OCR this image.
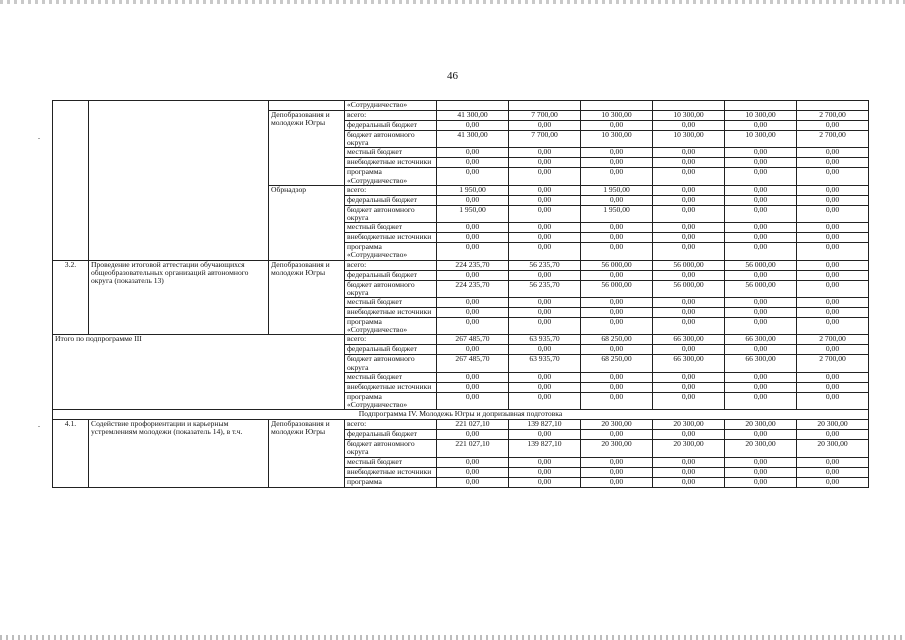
46
.
.
			«Сотрудничество»						
		Депобразования и молодежи Югры	всего:	41 300,00	7 700,00	10 300,00	10 300,00	10 300,00	2 700,00
			федеральный бюджет	0,00	0,00	0,00	0,00	0,00	0,00
			бюджет автономного округа	41 300,00	7 700,00	10 300,00	10 300,00	10 300,00	2 700,00
			местный бюджет	0,00	0,00	0,00	0,00	0,00	0,00
			внебюджетные источники	0,00	0,00	0,00	0,00	0,00	0,00
			программа «Сотрудничество»	0,00	0,00	0,00	0,00	0,00	0,00
		Обрнадзор	всего:	1 950,00	0,00	1 950,00	0,00	0,00	0,00
			федеральный бюджет	0,00	0,00	0,00	0,00	0,00	0,00
			бюджет автономного округа	1 950,00	0,00	1 950,00	0,00	0,00	0,00
			местный бюджет	0,00	0,00	0,00	0,00	0,00	0,00
			внебюджетные источники	0,00	0,00	0,00	0,00	0,00	0,00
			программа «Сотрудничество»	0,00	0,00	0,00	0,00	0,00	0,00
3.2.	Проведение итоговой аттестации обучающихся общеобразовательных организаций автономного округа (показатель 13)	Депобразования и молодежи Югры	всего:	224 235,70	56 235,70	56 000,00	56 000,00	56 000,00	0,00
			федеральный бюджет	0,00	0,00	0,00	0,00	0,00	0,00
			бюджет автономного округа	224 235,70	56 235,70	56 000,00	56 000,00	56 000,00	0,00
			местный бюджет	0,00	0,00	0,00	0,00	0,00	0,00
			внебюджетные источники	0,00	0,00	0,00	0,00	0,00	0,00
			программа «Сотрудничество»	0,00	0,00	0,00	0,00	0,00	0,00
Итого по подпрограмме III			всего:	267 485,70	63 935,70	68 250,00	66 300,00	66 300,00	2 700,00
			федеральный бюджет	0,00	0,00	0,00	0,00	0,00	0,00
			бюджет автономного округа	267 485,70	63 935,70	68 250,00	66 300,00	66 300,00	2 700,00
			местный бюджет	0,00	0,00	0,00	0,00	0,00	0,00
			внебюджетные источники	0,00	0,00	0,00	0,00	0,00	0,00
			программа «Сотрудничество»	0,00	0,00	0,00	0,00	0,00	0,00
Подпрограмма IV. Молодежь Югры и допризывная подготовка									
4.1.	Содействие профориентации и карьерным устремлениям молодежи (показатель 14), в т.ч.	Депобразования и молодежи Югры	всего:	221 027,10	139 827,10	20 300,00	20 300,00	20 300,00	20 300,00
			федеральный бюджет	0,00	0,00	0,00	0,00	0,00	0,00
			бюджет автономного округа	221 027,10	139 827,10	20 300,00	20 300,00	20 300,00	20 300,00
			местный бюджет	0,00	0,00	0,00	0,00	0,00	0,00
			внебюджетные источники	0,00	0,00	0,00	0,00	0,00	0,00
			программа	0,00	0,00	0,00	0,00	0,00	0,00
